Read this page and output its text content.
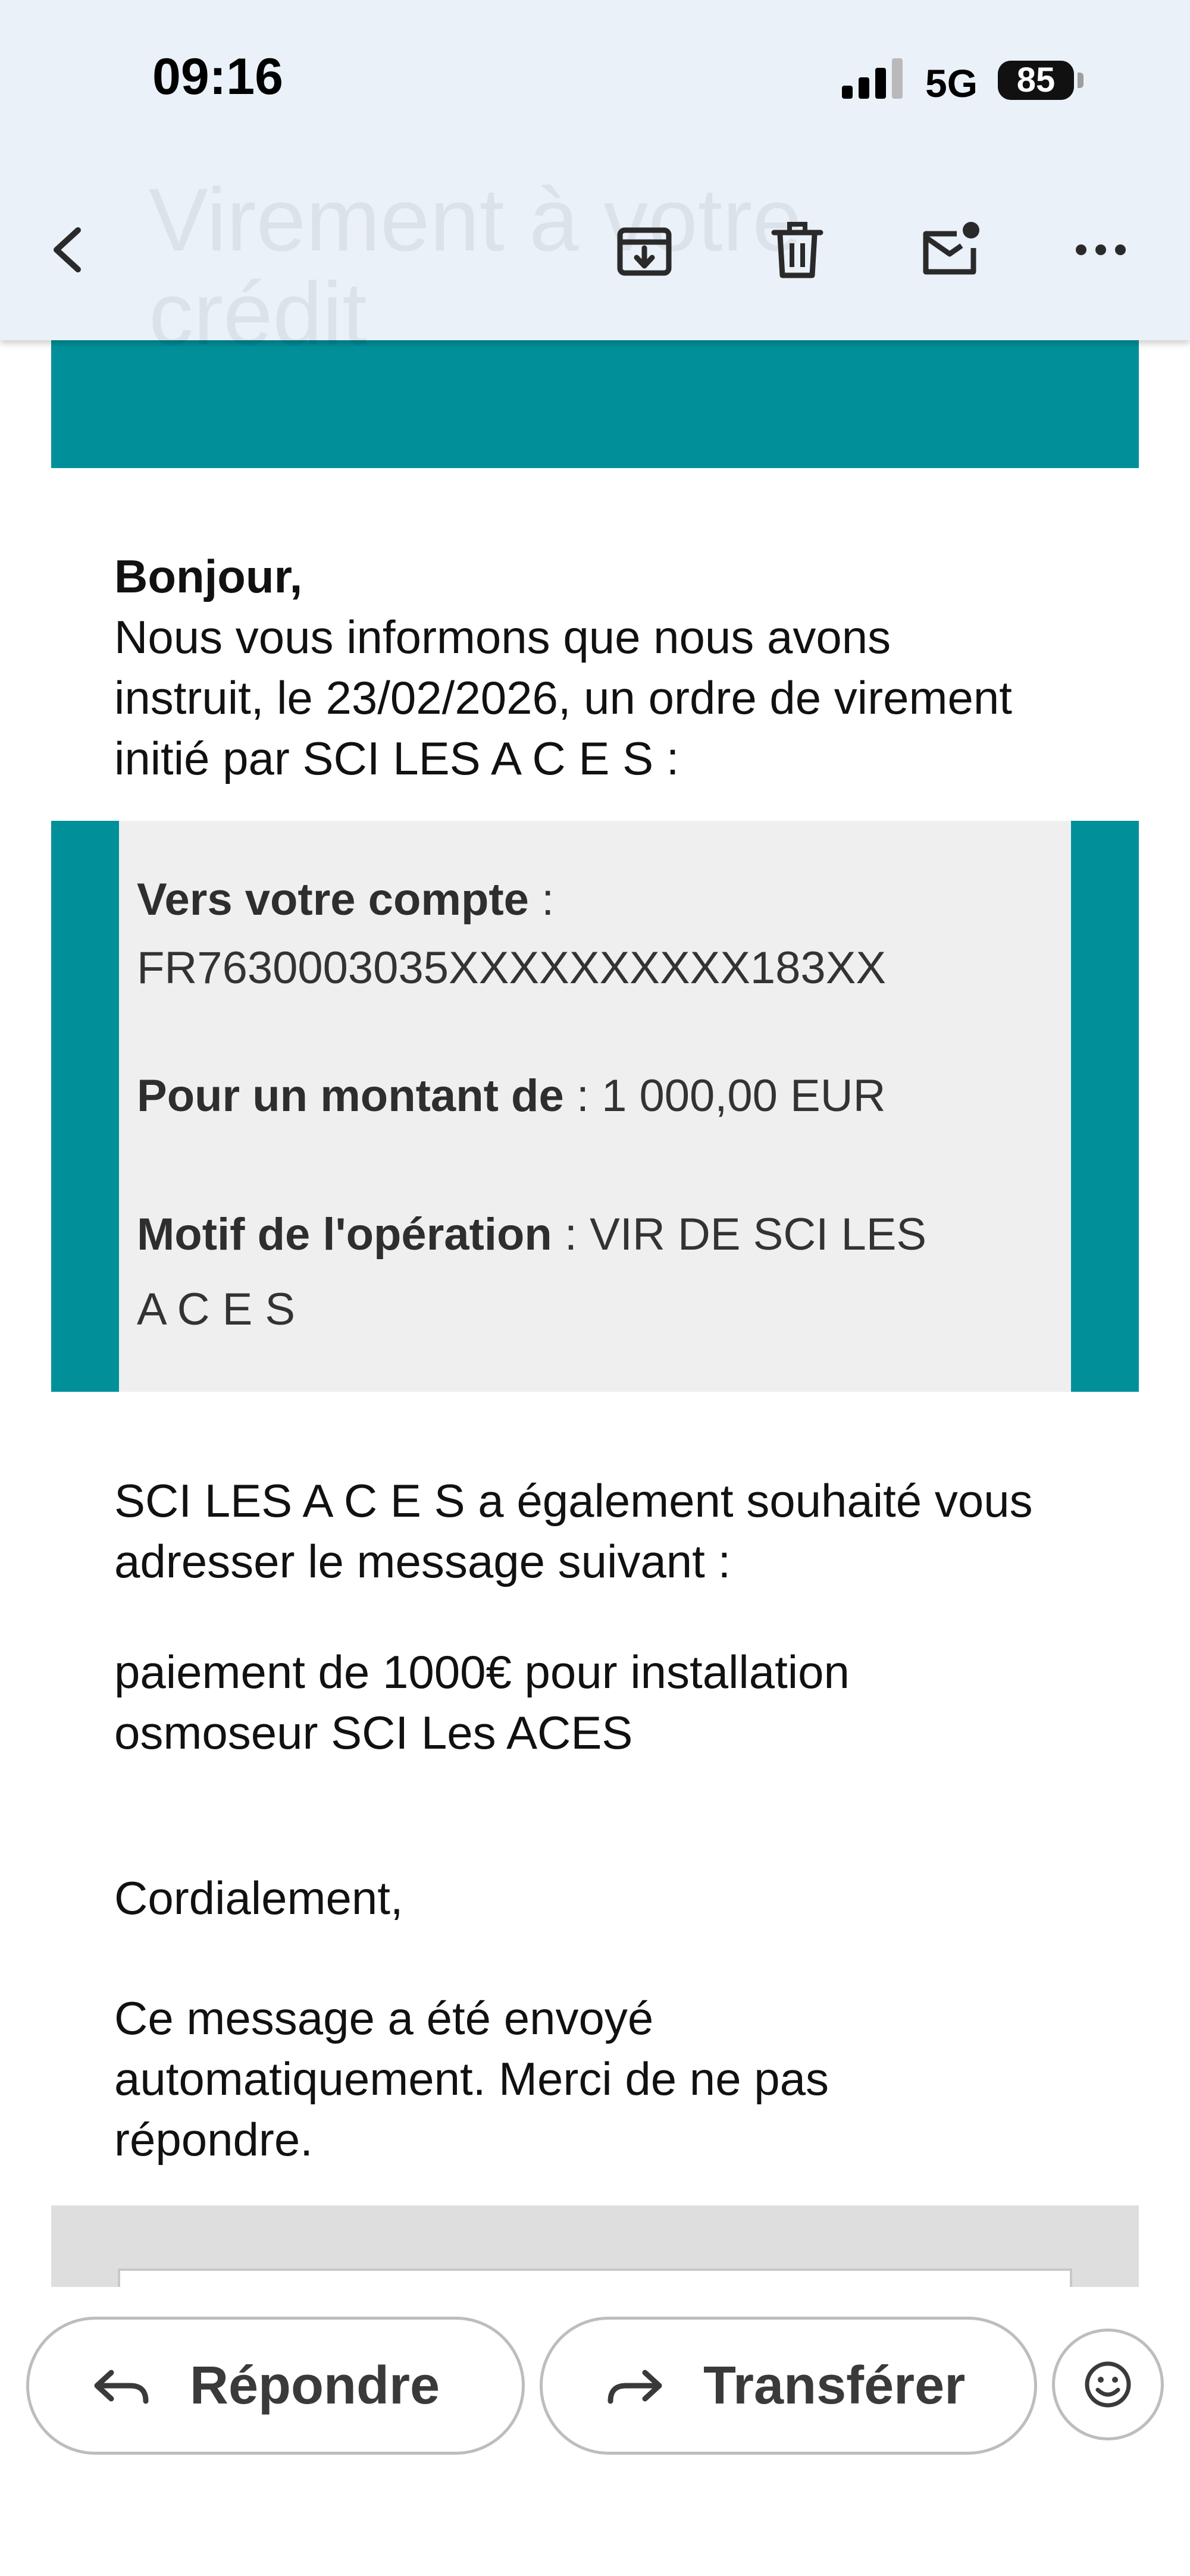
Virement à votre
crédit
09:16	5G	85
Bonjour,
Nous vous informons que nous avons instruit, le 23/02/2026, un ordre de virement initié par SCI LES A C E S :
Vers votre compte :
FR7630003035XXXXXXXXXX183XX
Pour un montant de : 1 000,00 EUR
Motif de l'opération : VIR DE SCI LES A C E S
SCI LES A C E S a également souhaité vous adresser le message suivant :
paiement de 1000€ pour installation osmoseur SCI Les ACES
Cordialement,
Ce message a été envoyé automatiquement. Merci de ne pas répondre.
Répondre	Transférer
